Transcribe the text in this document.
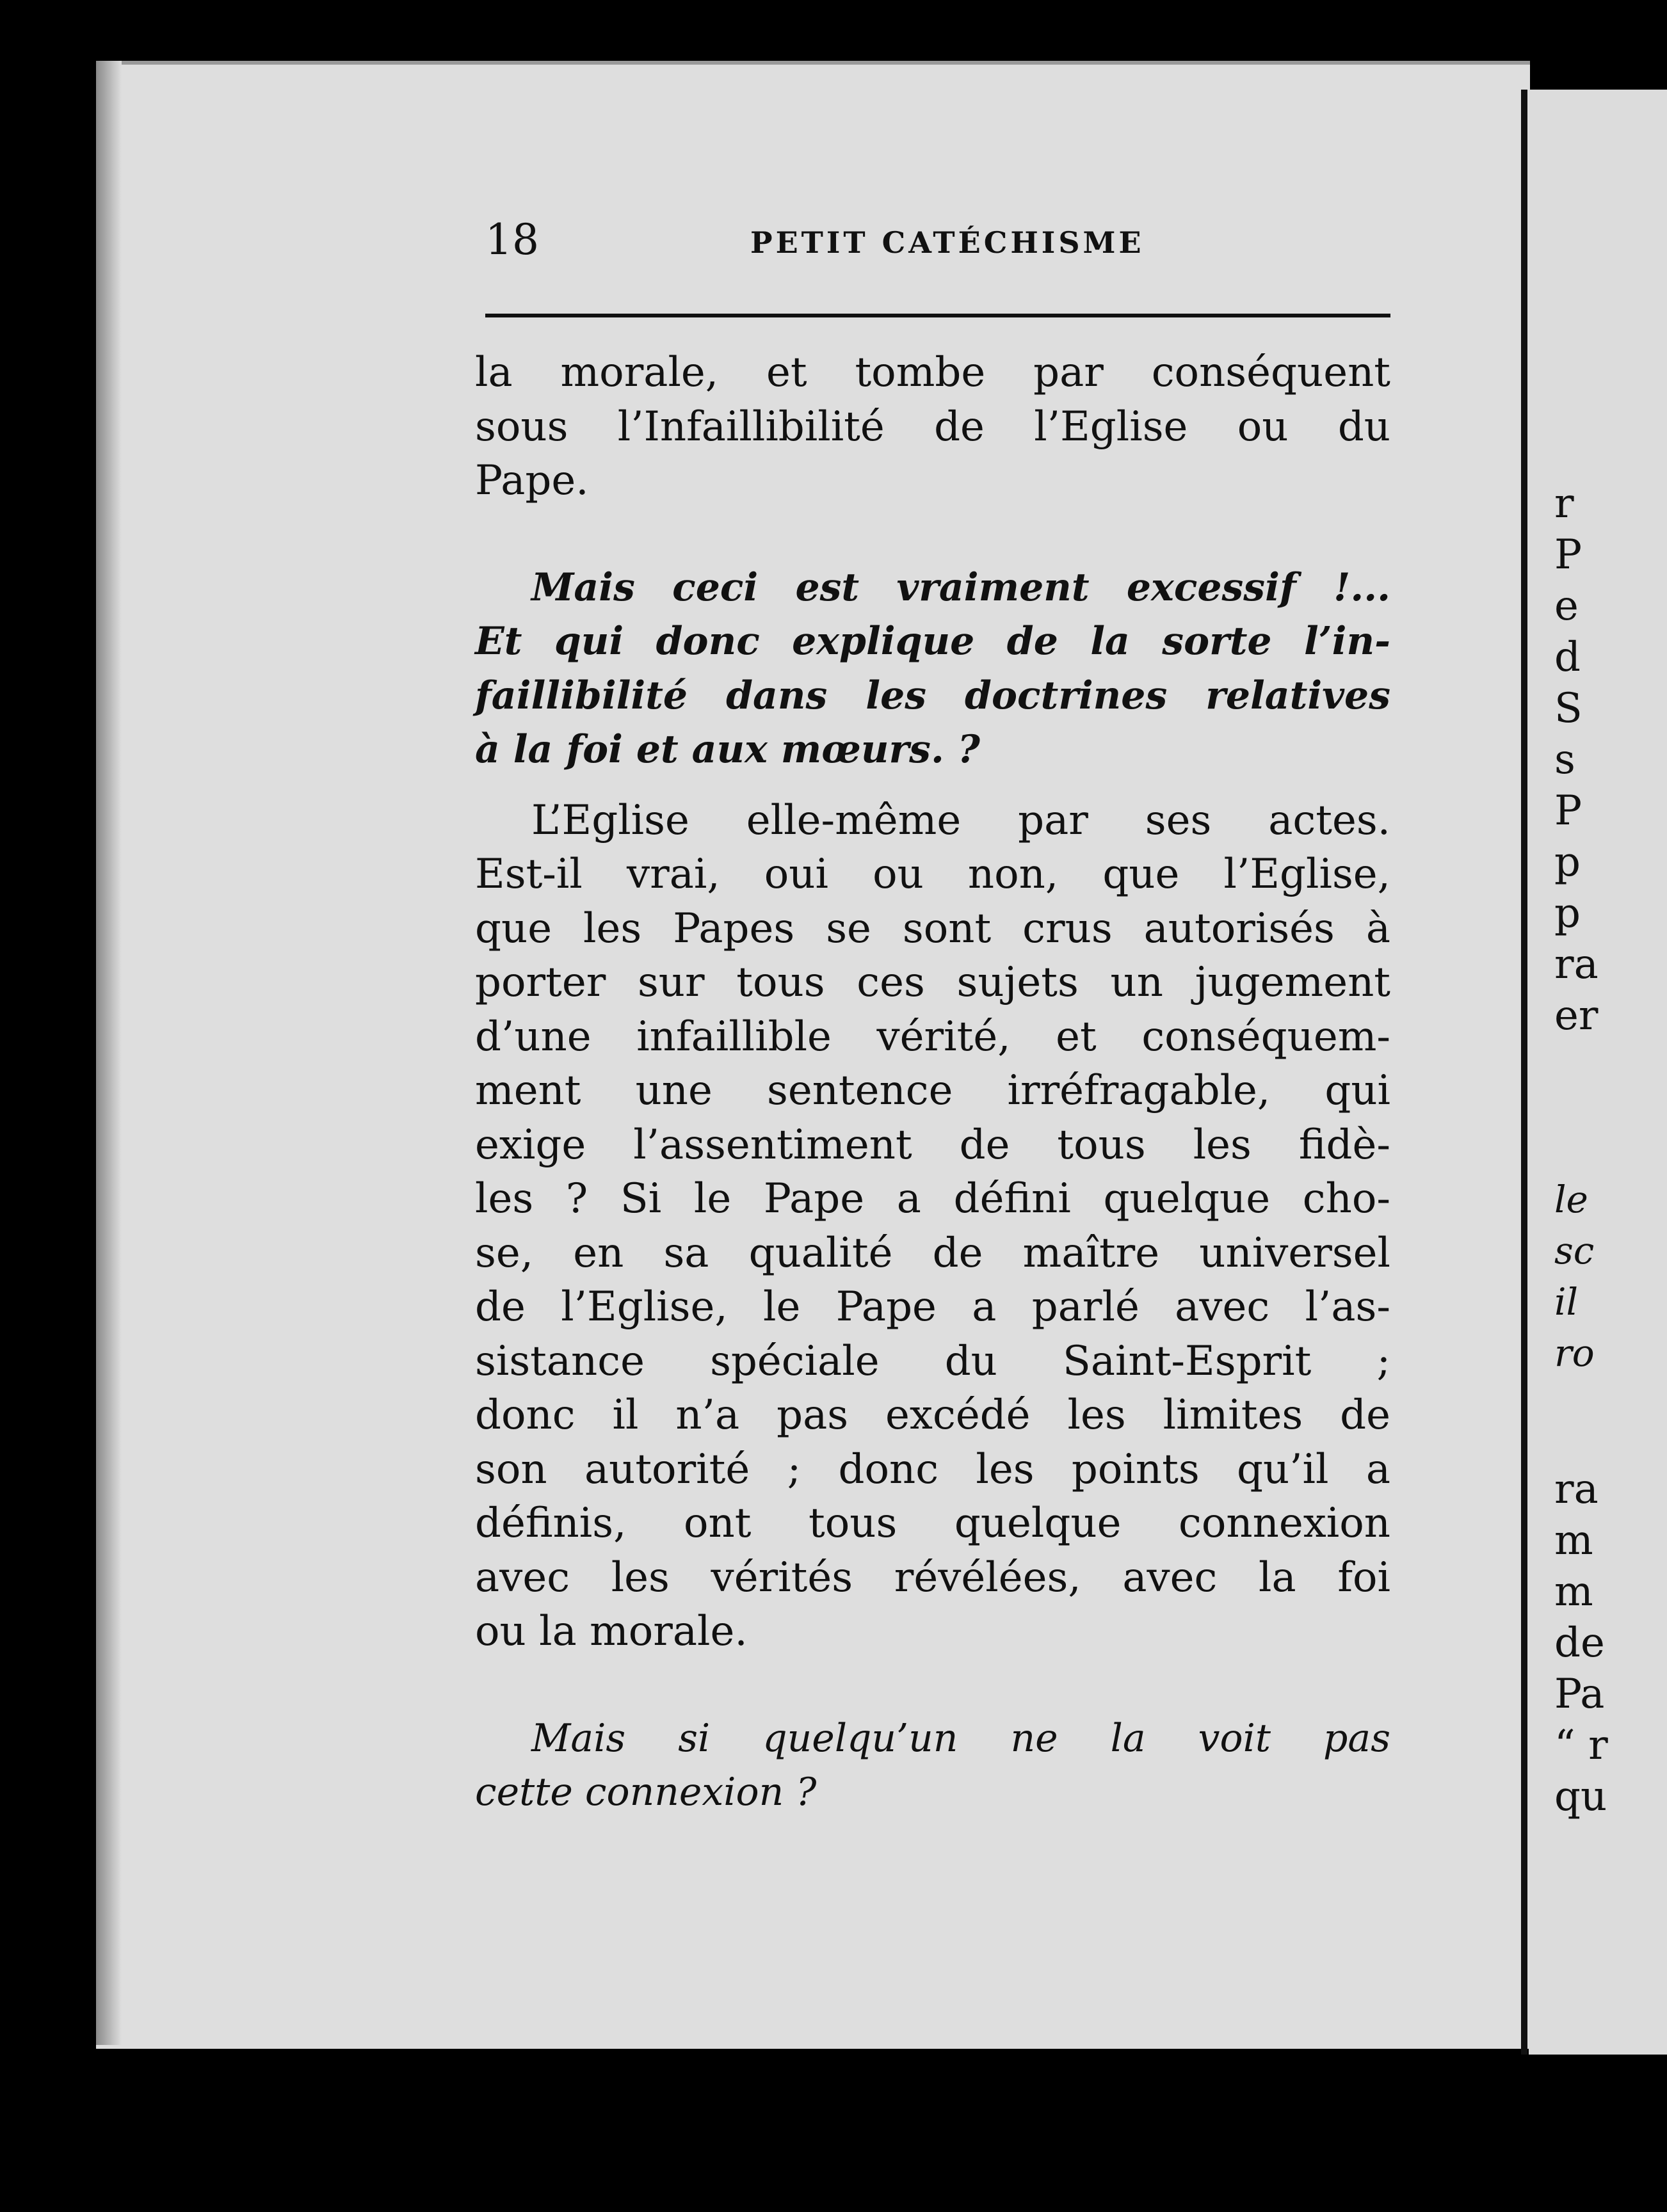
r
P
e
d
S
s
P
p
p
ra
er
le
sc
il
ro
ra
m
m
de
Pa
“ r
qu
18	PETIT CATÉCHISME

la morale, et tombe par conséquent
sous l’Infaillibilité de l’Eglise ou du
Pape.

Mais ceci est vraiment excessif !...

Et qui donc explique de la sorte l’in-
faillibilité dans les doctrines relatives
à la foi et aux mœurs. ?

L’Eglise elle-même par ses actes.

Est-il vrai, oui ou non, que l’Eglise,
que les Papes se sont crus autorisés à
porter sur tous ces sujets un jugement
d’une infaillible vérité, et conséquem-
ment une sentence irréfragable, qui
exige l’assentiment de tous les fidè-
les ? Si le Pape a défini quelque cho-
se, en sa qualité de maître universel
de l’Eglise, le Pape a parlé avec l’as-
sistance spéciale du Saint-Esprit ;
donc il n’a pas excédé les limites de
son autorité ; donc les points qu’il a
définis, ont tous quelque connexion
avec les vérités révélées, avec la foi
ou la morale.

Mais si quelqu’un ne la voit pas

cette connexion ?
